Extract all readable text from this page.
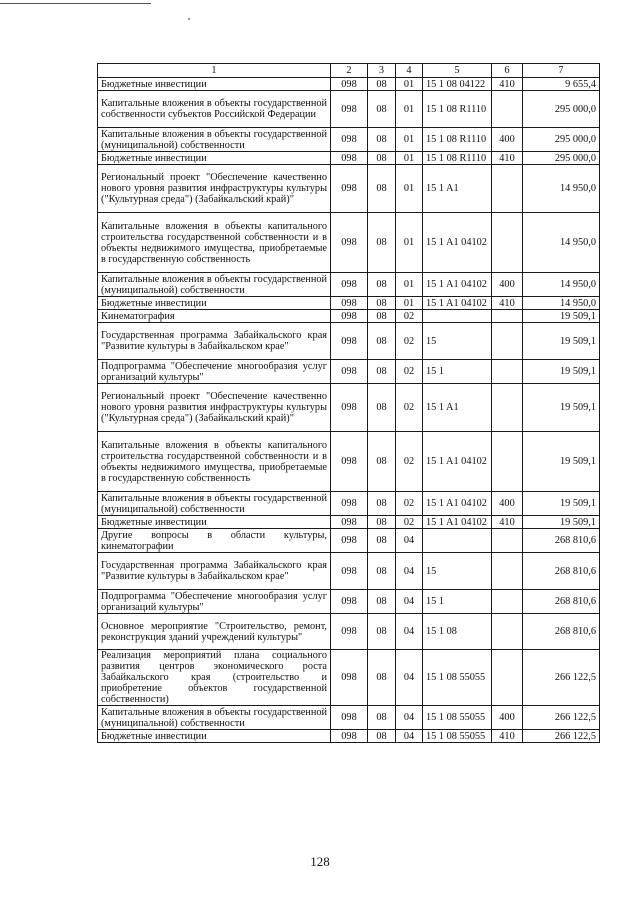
1	2	3	4	5	6	7
Бюджетные инвестиции	098	08	01	15 1 08 04122	410	9 655,4
Капитальные вложения в объекты государственной собственности субъектов Российской Федерации	098	08	01	15 1 08 R1110		295 000,0
Капитальные вложения в объекты государственной (муниципальной) собственности	098	08	01	15 1 08 R1110	400	295 000,0
Бюджетные инвестиции	098	08	01	15 1 08 R1110	410	295 000,0
Региональный проект "Обеспечение качественно нового уровня развития инфраструктуры культуры ("Культурная среда") (Забайкальский край)"	098	08	01	15 1 A1		14 950,0
Капитальные вложения в объекты капитального строительства государственной собственности и в объекты недвижимого имущества, приобретаемые в государственную собственность	098	08	01	15 1 A1 04102		14 950,0
Капитальные вложения в объекты государственной (муниципальной) собственности	098	08	01	15 1 A1 04102	400	14 950,0
Бюджетные инвестиции	098	08	01	15 1 A1 04102	410	14 950,0
Кинематография	098	08	02			19 509,1
Государственная программа Забайкальского края "Развитие культуры в Забайкальском крае"	098	08	02	15		19 509,1
Подпрограмма "Обеспечение многообразия услуг организаций культуры"	098	08	02	15 1		19 509,1
Региональный проект "Обеспечение качественно нового уровня развития инфраструктуры культуры ("Культурная среда") (Забайкальский край)"	098	08	02	15 1 A1		19 509,1
Капитальные вложения в объекты капитального строительства государственной собственности и в объекты недвижимого имущества, приобретаемые в государственную собственность	098	08	02	15 1 A1 04102		19 509,1
Капитальные вложения в объекты государственной (муниципальной) собственности	098	08	02	15 1 A1 04102	400	19 509,1
Бюджетные инвестиции	098	08	02	15 1 A1 04102	410	19 509,1
Другие вопросы в области культуры, кинематографии	098	08	04			268 810,6
Государственная программа Забайкальского края "Развитие культуры в Забайкальском крае"	098	08	04	15		268 810,6
Подпрограмма "Обеспечение многообразия услуг организаций культуры"	098	08	04	15 1		268 810,6
Основное мероприятие "Строительство, ремонт, реконструкция зданий учреждений культуры"	098	08	04	15 1 08		268 810,6
Реализация мероприятий плана социального развития центров экономического роста Забайкальского края (строительство и приобретение объектов государственной собственности)	098	08	04	15 1 08 55055		266 122,5
Капитальные вложения в объекты государственной (муниципальной) собственности	098	08	04	15 1 08 55055	400	266 122,5
Бюджетные инвестиции	098	08	04	15 1 08 55055	410	266 122,5
128
